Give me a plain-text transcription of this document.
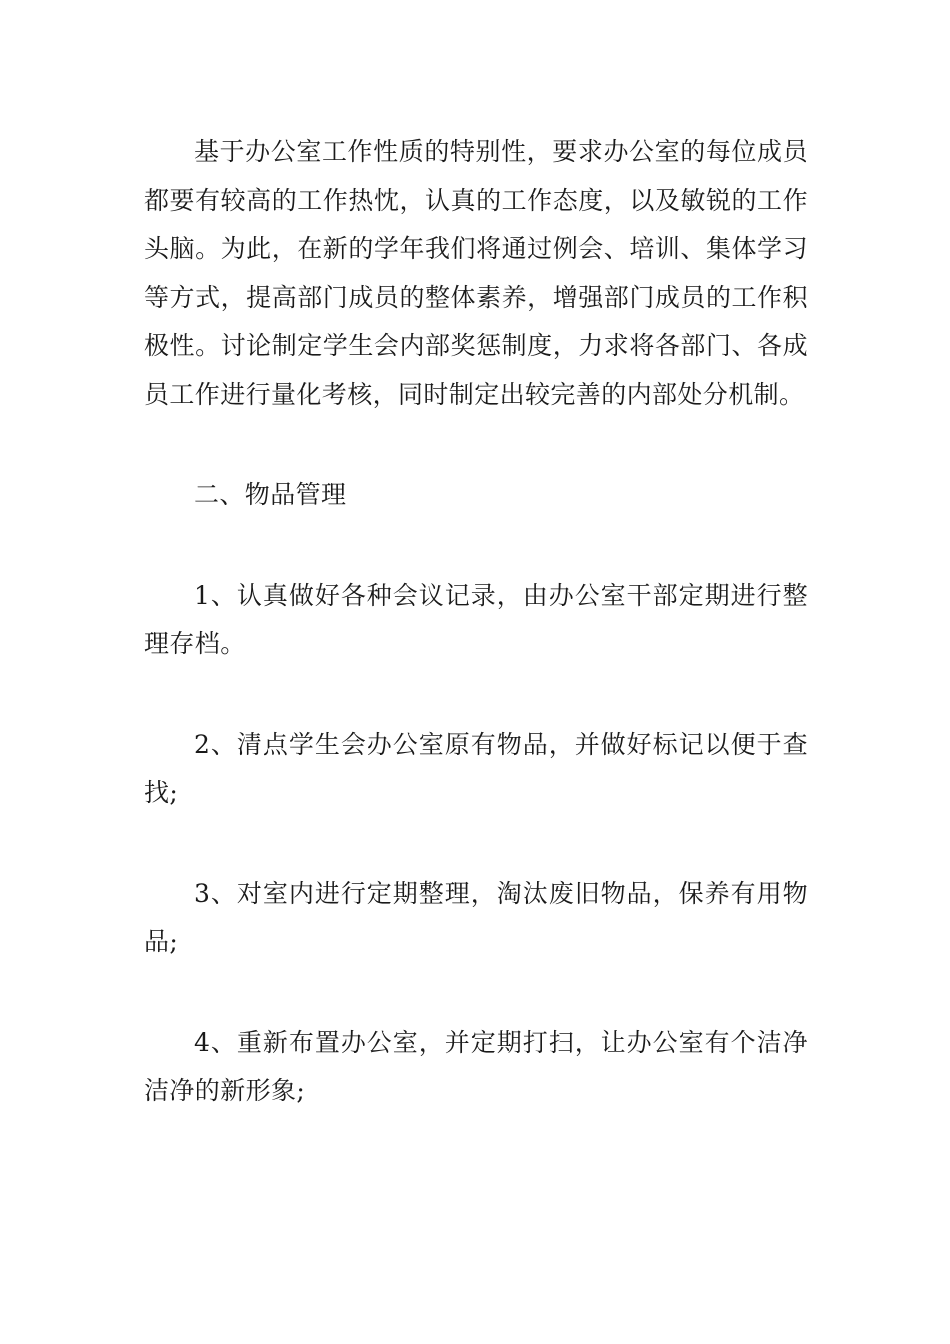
基于办公室工作性质的特别性，要求办公室的每位成员都要有较高的工作热忱，认真的工作态度，以及敏锐的工作头脑。为此，在新的学年我们将通过例会、培训、集体学习等方式，提高部门成员的整体素养，增强部门成员的工作积极性。讨论制定学生会内部奖惩制度，力求将各部门、各成员工作进行量化考核，同时制定出较完善的内部处分机制。

二、物品管理

1、认真做好各种会议记录，由办公室干部定期进行整理存档。

2、清点学生会办公室原有物品，并做好标记以便于查找;

3、对室内进行定期整理，淘汰废旧物品，保养有用物品;

4、重新布置办公室，并定期打扫，让办公室有个洁净洁净的新形象;
